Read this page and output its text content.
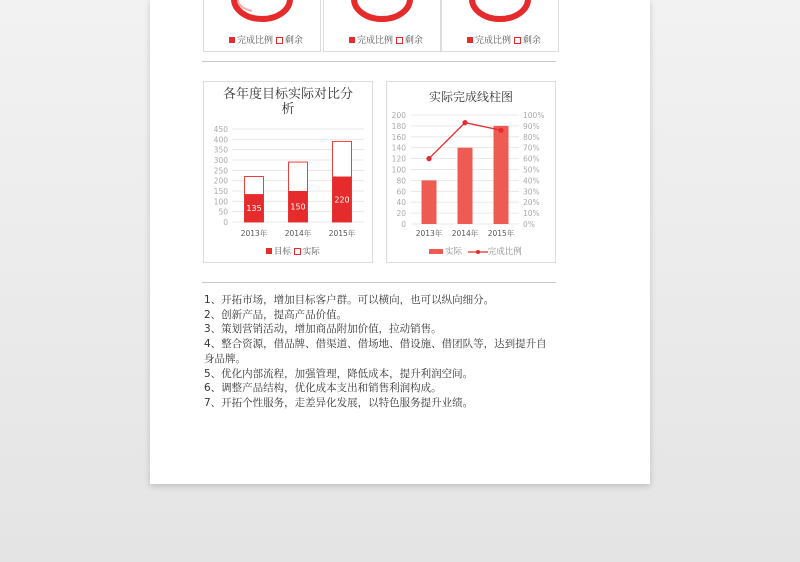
完成比例 剩余	完成比例 剩余	完成比例 剩余
各年度目标实际对比分
析
450
400
350
300
250
200
150
100
50
0
135
2013年
150
2014年
220
2015年
目标 实际
实际完成线柱图
200	100%
180	90%
160	80%
140	70%
120	60%
100	50%
80	40%
60	30%
40	20%
20	10%
0	0%
2013年 2014年 2015年
实际	完成比例
1、开拓市场，增加目标客户群。可以横向，也可以纵向细分。
2、创新产品，提高产品价值。
3、策划营销活动，增加商品附加价值，拉动销售。
4、整合资源，借品牌、借渠道、借场地、借设施、借团队等，达到提升自身品牌。
5、优化内部流程，加强管理，降低成本，提升利润空间。
6、调整产品结构，优化成本支出和销售利润构成。
7、开拓个性服务，走差异化发展，以特色服务提升业绩。
